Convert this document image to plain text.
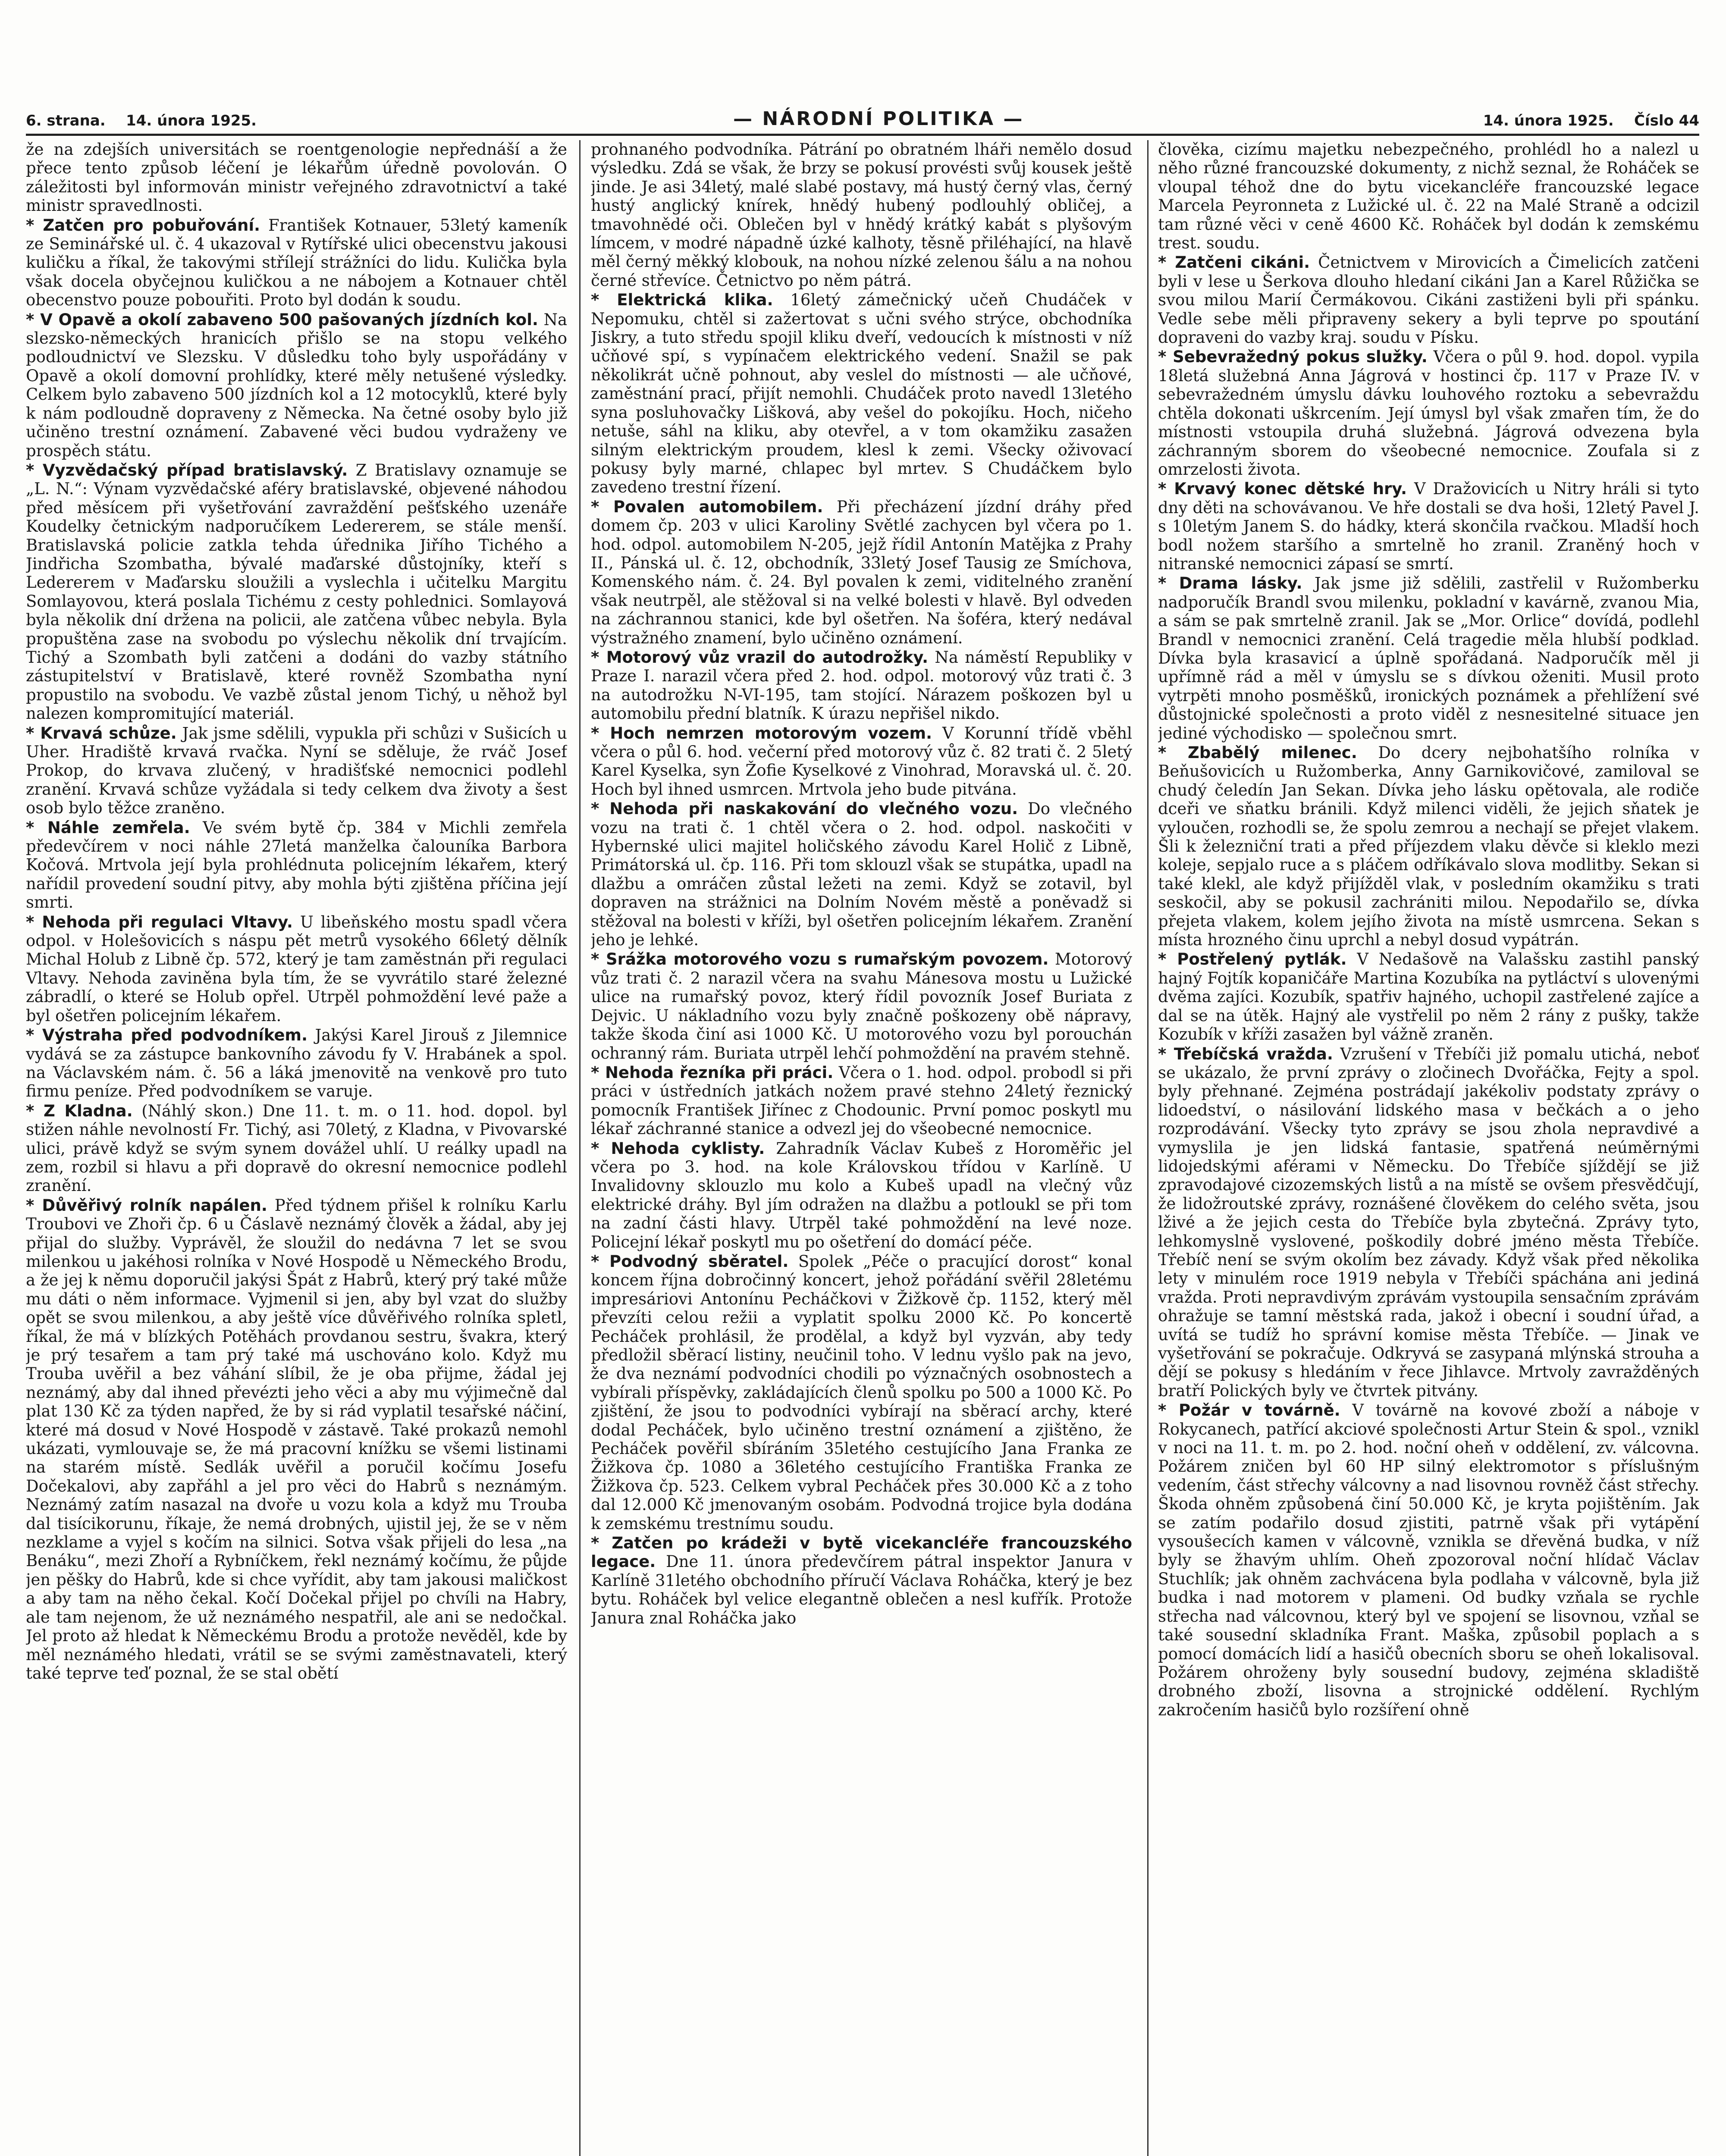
6. strana. 14. února 1925.	— NÁRODNÍ POLITIKA —	14. února 1925. Číslo 44

že na zdejších universitách se roentgenologie nepřednáší a že přece tento způsob léčení je lékařům úředně povolován. O záležitosti byl informován ministr veřejného zdravotnictví a také ministr spravedlnosti.

* Zatčen pro pobuřování. František Kotnauer, 53letý kameník ze Seminářské ul. č. 4 ukazoval v Rytířské ulici obecenstvu jakousi kuličku a říkal, že takovými střílejí strážníci do lidu. Kulička byla však docela obyčejnou kuličkou a ne nábojem a Kotnauer chtěl obecenstvo pouze pobouřiti. Proto byl dodán k soudu.

* V Opavě a okolí zabaveno 500 pašovaných jízdních kol. Na slezsko-německých hranicích přišlo se na stopu velkého podloudnictví ve Slezsku. V důsledku toho byly uspořádány v Opavě a okolí domovní prohlídky, které měly netušené výsledky. Celkem bylo zabaveno 500 jízdních kol a 12 motocyklů, které byly k nám podloudně dopraveny z Německa. Na četné osoby bylo již učiněno trestní oznámení. Zabavené věci budou vydraženy ve prospěch státu.

* Vyzvědačský případ bratislavský. Z Bratislavy oznamuje se „L. N.“: Výnam vyzvědačské aféry bratislavské, objevené náhodou před měsícem při vyšetřování zavraždění pešťského uzenáře Koudelky četnickým nadporučíkem Ledererem, se stále menší. Bratislavská policie zatkla tehda úřednika Jiřího Tichého a Jindřicha Szombatha, bývalé maďarské důstojníky, kteří s Ledererem v Maďarsku sloužili a vyslechla i učitelku Margitu Somlayovou, která poslala Tichému z cesty pohlednici. Somlayová byla několik dní držena na policii, ale zatčena vůbec nebyla. Byla propuštěna zase na svobodu po výslechu několik dní trvajícím. Tichý a Szombath byli zatčeni a dodáni do vazby státního zástupitelství v Bratislavě, které rovněž Szombatha nyní propustilo na svobodu. Ve vazbě zůstal jenom Tichý, u něhož byl nalezen kompromitující materiál.

* Krvavá schůze. Jak jsme sdělili, vypukla při schůzi v Sušicích u Uher. Hradiště krvavá rvačka. Nyní se sděluje, že rváč Josef Prokop, do krvava zlučený, v hradišťské nemocnici podlehl zranění. Krvavá schůze vyžádala si tedy celkem dva životy a šest osob bylo těžce zraněno.

* Náhle zemřela. Ve svém bytě čp. 384 v Michli zemřela předevčírem v noci náhle 27letá manželka čalouníka Barbora Kočová. Mrtvola její byla prohlédnuta policejním lékařem, který nařídil provedení soudní pitvy, aby mohla býti zjištěna příčina její smrti.

* Nehoda při regulaci Vltavy. U libeňského mostu spadl včera odpol. v Holešovicích s náspu pět metrů vysokého 66letý dělník Michal Holub z Libně čp. 572, který je tam zaměstnán při regulaci Vltavy. Nehoda zaviněna byla tím, že se vyvrátilo staré železné zábradlí, o které se Holub opřel. Utrpěl pohmoždění levé paže a byl ošetřen policejním lékařem.

* Výstraha před podvodníkem. Jakýsi Karel Jirouš z Jilemnice vydává se za zástupce bankovního závodu fy V. Hrabánek a spol. na Václavském nám. č. 56 a láká jmenovitě na venkově pro tuto firmu peníze. Před podvodníkem se varuje.

* Z Kladna. (Náhlý skon.) Dne 11. t. m. o 11. hod. dopol. byl stižen náhle nevolností Fr. Tichý, asi 70letý, z Kladna, v Pivovarské ulici, právě když se svým synem dovážel uhlí. U reálky upadl na zem, rozbil si hlavu a při dopravě do okresní nemocnice podlehl zranění.

* Důvěřivý rolník napálen. Před týdnem přišel k rolníku Karlu Troubovi ve Zhoři čp. 6 u Čáslavě neznámý člověk a žádal, aby jej přijal do služby. Vyprávěl, že sloužil do nedávna 7 let se svou milenkou u jakéhosi rolníka v Nové Hospodě u Německého Brodu, a že jej k němu doporučil jakýsi Špát z Habrů, který prý také může mu dáti o něm informace. Vyjmenil si jen, aby byl vzat do služby opět se svou milenkou, a aby ještě více důvěřivého rolníka spletl, říkal, že má v blízkých Potěhách provdanou sestru, švakra, který je prý tesařem a tam prý také má uschováno kolo. Když mu Trouba uvěřil a bez váhání slíbil, že je oba přijme, žádal jej neznámý, aby dal ihned převézti jeho věci a aby mu výjimečně dal plat 130 Kč za týden napřed, že by si rád vyplatil tesařské náčiní, které má dosud v Nové Hospodě v zástavě. Také prokazů nemohl ukázati, vymlouvaje se, že má pracovní knížku se všemi listinami na starém místě. Sedlák uvěřil a poručil kočímu Josefu Dočekalovi, aby zapřáhl a jel pro věci do Habrů s neznámým. Neznámý zatím nasazal na dvoře u vozu kola a když mu Trouba dal tisícikorunu, říkaje, že nemá drobných, ujistil jej, že se v něm nezklame a vyjel s kočím na silnici. Sotva však přijeli do lesa „na Benáku“, mezi Zhoří a Rybníčkem, řekl neznámý kočímu, že půjde jen pěšky do Habrů, kde si chce vyřídit, aby tam jakousi maličkost a aby tam na něho čekal. Kočí Dočekal přijel po chvíli na Habry, ale tam nejenom, že už neznámého nespatřil, ale ani se nedočkal. Jel proto až hledat k Německému Brodu a protože nevěděl, kde by měl neznámého hledati, vrátil se se svými zaměstnavateli, který také teprve teď poznal, že se stal obětí

prohnaného podvodníka. Pátrání po obratném lháři nemělo dosud výsledku. Zdá se však, že brzy se pokusí provésti svůj kousek ještě jinde. Je asi 34letý, malé slabé postavy, má hustý černý vlas, černý hustý anglický knírek, hnědý hubený podlouhlý obličej, a tmavohnědé oči. Oblečen byl v hnědý krátký kabát s plyšovým límcem, v modré nápadně úzké kalhoty, těsně přiléhající, na hlavě měl černý měkký klobouk, na nohou nízké zelenou šálu a na nohou černé střevíce. Četnictvo po něm pátrá.

* Elektrická klika. 16letý zámečnický učeň Chudáček v Nepomuku, chtěl si zažertovat s učni svého strýce, obchodníka Jiskry, a tuto středu spojil kliku dveří, vedoucích k místnosti v níž učňové spí, s vypínačem elektrického vedení. Snažil se pak několikrát učně pohnout, aby veslel do místnosti — ale učňové, zaměstnání prací, přijít nemohli. Chudáček proto navedl 13letého syna posluhovačky Lišková, aby vešel do pokojíku. Hoch, ničeho netuše, sáhl na kliku, aby otevřel, a v tom okamžiku zasažen silným elektrickým proudem, klesl k zemi. Všecky oživovací pokusy byly marné, chlapec byl mrtev. S Chudáčkem bylo zavedeno trestní řízení.

* Povalen automobilem. Při přecházení jízdní dráhy před domem čp. 203 v ulici Karoliny Světlé zachycen byl včera po 1. hod. odpol. automobilem N-205, jejž řídil Antonín Matějka z Prahy II., Pánská ul. č. 12, obchodník, 33letý Josef Tausig ze Smíchova, Komenského nám. č. 24. Byl povalen k zemi, viditelného zranění však neutrpěl, ale stěžoval si na velké bolesti v hlavě. Byl odveden na záchrannou stanici, kde byl ošetřen. Na šoféra, který nedával výstražného znamení, bylo učiněno oznámení.

* Motorový vůz vrazil do autodrožky. Na náměstí Republiky v Praze I. narazil včera před 2. hod. odpol. motorový vůz trati č. 3 na autodrožku N-VI-195, tam stojící. Nárazem poškozen byl u automobilu přední blatník. K úrazu nepřišel nikdo.

* Hoch nemrzen motorovým vozem. V Korunní třídě vběhl včera o půl 6. hod. večerní před motorový vůz č. 82 trati č. 2 5letý Karel Kyselka, syn Žofie Kyselkové z Vinohrad, Moravská ul. č. 20. Hoch byl ihned usmrcen. Mrtvola jeho bude pitvána.

* Nehoda při naskakování do vlečného vozu. Do vlečného vozu na trati č. 1 chtěl včera o 2. hod. odpol. naskočiti v Hybernské ulici majitel holičského závodu Karel Holič z Libně, Primátorská ul. čp. 116. Při tom sklouzl však se stupátka, upadl na dlažbu a omráčen zůstal ležeti na zemi. Když se zotavil, byl dopraven na strážnici na Dolním Novém městě a poněvadž si stěžoval na bolesti v kříži, byl ošetřen policejním lékařem. Zranění jeho je lehké.

* Srážka motorového vozu s rumařským povozem. Motorový vůz trati č. 2 narazil včera na svahu Mánesova mostu u Lužické ulice na rumařský povoz, který řídil povozník Josef Buriata z Dejvic. U nákladního vozu byly značně poškozeny obě nápravy, takže škoda činí asi 1000 Kč. U motorového vozu byl porouchán ochranný rám. Buriata utrpěl lehčí pohmoždění na pravém stehně.

* Nehoda řezníka při práci. Včera o 1. hod. odpol. probodl si při práci v ústředních jatkách nožem pravé stehno 24letý řeznický pomocník František Jiřínec z Chodounic. První pomoc poskytl mu lékař záchranné stanice a odvezl jej do všeobecné nemocnice.

* Nehoda cyklisty. Zahradník Václav Kubeš z Horoměřic jel včera po 3. hod. na kole Královskou třídou v Karlíně. U Invalidovny sklouzlo mu kolo a Kubeš upadl na vlečný vůz elektrické dráhy. Byl jím odražen na dlažbu a potloukl se při tom na zadní části hlavy. Utrpěl také pohmoždění na levé noze. Policejní lékař poskytl mu po ošetření do domácí péče.

* Podvodný sběratel. Spolek „Péče o pracující dorost“ konal koncem října dobročinný koncert, jehož pořádání svěřil 28letému impresáriovi Antonínu Pecháčkovi v Žižkově čp. 1152, který měl převzíti celou režii a vyplatit spolku 2000 Kč. Po koncertě Pecháček prohlásil, že prodělal, a když byl vyzván, aby tedy předložil sběrací listiny, neučinil toho. V lednu vyšlo pak na jevo, že dva neznámí podvodníci chodili po význačných osobnostech a vybírali příspěvky, zakládajících členů spolku po 500 a 1000 Kč. Po zjištění, že jsou to podvodníci vybírají na sběrací archy, které dodal Pecháček, bylo učiněno trestní oznámení a zjištěno, že Pecháček pověřil sbíráním 35letého cestujícího Jana Franka ze Žižkova čp. 1080 a 36letého cestujícího Františka Franka ze Žižkova čp. 523. Celkem vybral Pecháček přes 30.000 Kč a z toho dal 12.000 Kč jmenovaným osobám. Podvodná trojice byla dodána k zemskému trestnímu soudu.

* Zatčen po krádeži v bytě vicekancléře francouzského legace. Dne 11. února předevčírem pátral inspektor Janura v Karlíně 31letého obchodního příručí Václava Roháčka, který je bez bytu. Roháček byl velice elegantně oblečen a nesl kufřík. Protože Janura znal Roháčka jako

člověka, cizímu majetku nebezpečného, prohlédl ho a nalezl u něho různé francouzské dokumenty, z nichž seznal, že Roháček se vloupal téhož dne do bytu vicekancléře francouzské legace Marcela Peyronneta z Lužické ul. č. 22 na Malé Straně a odcizil tam různé věci v ceně 4600 Kč. Roháček byl dodán k zemskému trest. soudu.

* Zatčeni cikáni. Četnictvem v Mirovicích a Čimelicích zatčeni byli v lese u Šerkova dlouho hledaní cikáni Jan a Karel Růžička se svou milou Marií Čermákovou. Cikáni zastiženi byli při spánku. Vedle sebe měli připraveny sekery a byli teprve po spoutání dopraveni do vazby kraj. soudu v Písku.

* Sebevražedný pokus služky. Včera o půl 9. hod. dopol. vypila 18letá služebná Anna Jágrová v hostinci čp. 117 v Praze IV. v sebevražedném úmyslu dávku louhového roztoku a sebevraždu chtěla dokonati uškrcením. Její úmysl byl však zmařen tím, že do místnosti vstoupila druhá služebná. Jágrová odvezena byla záchranným sborem do všeobecné nemocnice. Zoufala si z omrzelosti života.

* Krvavý konec dětské hry. V Dražovicích u Nitry hráli si tyto dny děti na schovávanou. Ve hře dostali se dva hoši, 12letý Pavel J. s 10letým Janem S. do hádky, která skončila rvačkou. Mladší hoch bodl nožem staršího a smrtelně ho zranil. Zraněný hoch v nitranské nemocnici zápasí se smrtí.

* Drama lásky. Jak jsme již sdělili, zastřelil v Ružomberku nadporučík Brandl svou milenku, pokladní v kavárně, zvanou Mia, a sám se pak smrtelně zranil. Jak se „Mor. Orlice“ dovídá, podlehl Brandl v nemocnici zranění. Celá tragedie měla hlubší podklad. Dívka byla krasavicí a úplně spořádaná. Nadporučík měl ji upřímně rád a měl v úmyslu se s dívkou oženiti. Musil proto vytrpěti mnoho posměšků, ironických poznámek a přehlížení své důstojnické společnosti a proto viděl z nesnesitelné situace jen jediné východisko — společnou smrt.

* Zbabělý milenec. Do dcery nejbohatšího rolníka v Beňušovicích u Ružomberka, Anny Garnikovičové, zamiloval se chudý čeledín Jan Sekan. Dívka jeho lásku opětovala, ale rodiče dceři ve sňatku bránili. Když milenci viděli, že jejich sňatek je vyloučen, rozhodli se, že spolu zemrou a nechají se přejet vlakem. Šli k železniční trati a před příjezdem vlaku děvče si kleklo mezi koleje, sepjalo ruce a s pláčem odříkávalo slova modlitby. Sekan si také klekl, ale když přijížděl vlak, v posledním okamžiku s trati seskočil, aby se pokusil zachrániti milou. Nepodařilo se, dívka přejeta vlakem, kolem jejího života na místě usmrcena. Sekan s místa hrozného činu uprchl a nebyl dosud vypátrán.

* Postřelený pytlák. V Nedašově na Valašsku zastihl panský hajný Fojtík kopaničáře Martina Kozubíka na pytláctví s ulovenými dvěma zajíci. Kozubík, spatřiv hajného, uchopil zastřelené zajíce a dal se na útěk. Hajný ale vystřelil po něm 2 rány z pušky, takže Kozubík v kříži zasažen byl vážně zraněn.

* Třebíčská vražda. Vzrušení v Třebíči již pomalu utichá, neboť se ukázalo, že první zprávy o zločinech Dvořáčka, Fejty a spol. byly přehnané. Zejména postrádají jakékoliv podstaty zprávy o lidoedství, o násilování lidského masa v bečkách a o jeho rozprodávání. Všecky tyto zprávy se jsou zhola nepravdivé a vymyslila je jen lidská fantasie, spatřená neúměrnými lidojedskými aférami v Německu. Do Třebíče sjíždějí se již zpravodajové cizozemských listů a na místě se ovšem přesvědčují, že lidožroutské zprávy, roznášené člověkem do celého světa, jsou lživé a že jejich cesta do Třebíče byla zbytečná. Zprávy tyto, lehkomyslně vyslovené, poškodily dobré jméno města Třebíče. Třebíč není se svým okolím bez závady. Když však před několika lety v minulém roce 1919 nebyla v Třebíči spáchána ani jediná vražda. Proti nepravdivým zprávám vystoupila sensačním zprávám ohražuje se tamní městská rada, jakož i obecní i soudní úřad, a uvítá se tudíž ho správní komise města Třebíče. — Jinak ve vyšetřování se pokračuje. Odkryvá se zasypaná mlýnská strouha a dějí se pokusy s hledáním v řece Jihlavce. Mrtvoly zavražděných bratří Polických byly ve čtvrtek pitvány.

* Požár v továrně. V továrně na kovové zboží a náboje v Rokycanech, patřící akciové společnosti Artur Stein & spol., vznikl v noci na 11. t. m. po 2. hod. noční oheň v oddělení, zv. válcovna. Požárem zničen byl 60 HP silný elektromotor s příslušným vedením, část střechy válcovny a nad lisovnou rovněž část střechy. Škoda ohněm způsobená činí 50.000 Kč, je kryta pojištěním. Jak se zatím podařilo dosud zjistiti, patrně však při vytápění vysoušecích kamen v válcovně, vznikla se dřevěná budka, v níž byly se žhavým uhlím. Oheň zpozoroval noční hlídač Václav Stuchlík; jak ohněm zachvácena byla podlaha v válcovně, byla již budka i nad motorem v plameni. Od budky vzňala se rychle střecha nad válcovnou, který byl ve spojení se lisovnou, vzňal se také sousední skladníka Frant. Maška, způsobil poplach a s pomocí domácích lidí a hasičů obecních sboru se oheň lokalisoval. Požárem ohroženy byly sousední budovy, zejména skladiště drobného zboží, lisovna a strojnické oddělení. Rychlým zakročením hasičů bylo rozšíření ohně
